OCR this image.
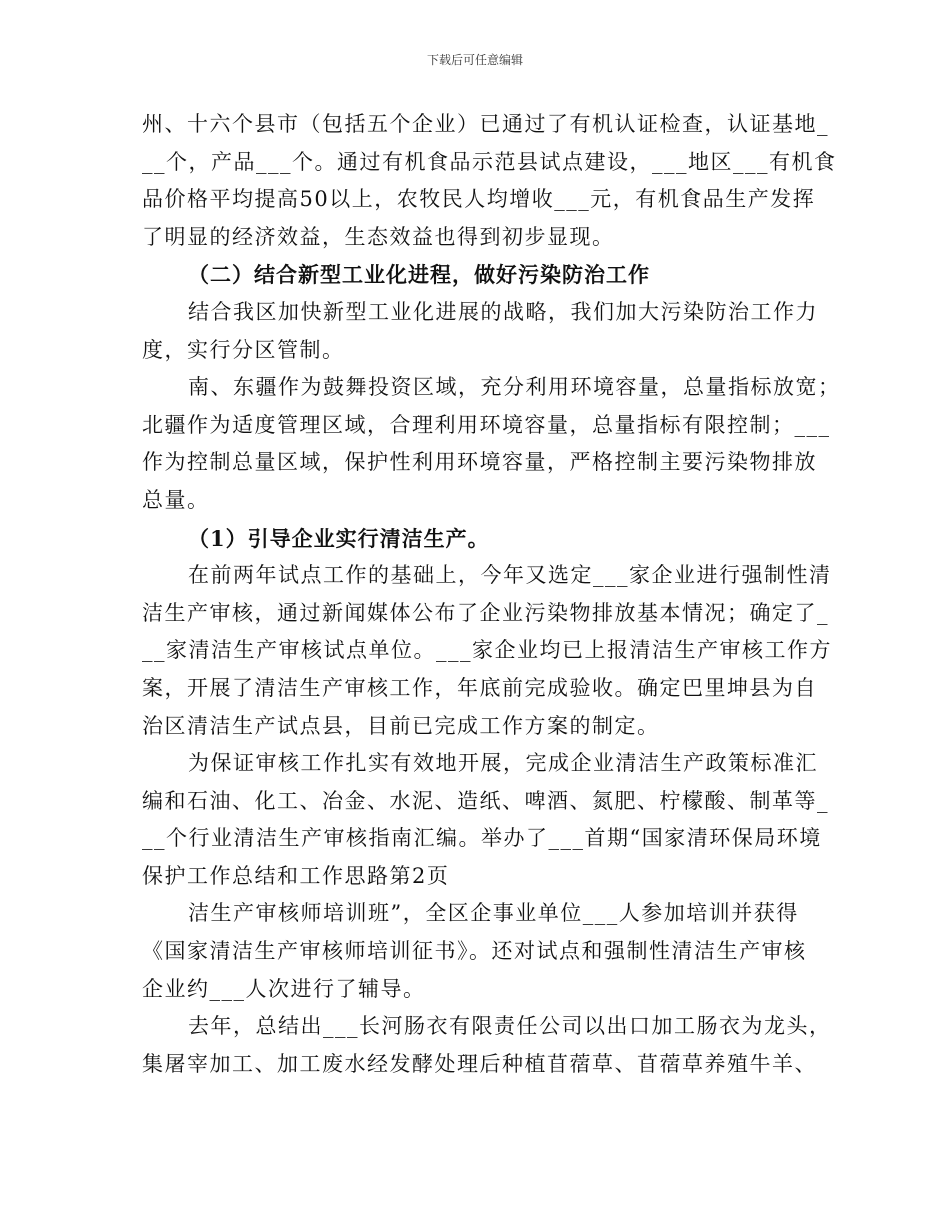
下载后可任意编辑
州、十六个县市（包括五个企业）已通过了有机认证检查，认证基地_
__个，产品___个。通过有机食品示范县试点建设，___地区___有机食
品价格平均提高50以上，农牧民人均增收___元，有机食品生产发挥
了明显的经济效益，生态效益也得到初步显现。
（二）结合新型工业化进程，做好污染防治工作
结合我区加快新型工业化进展的战略，我们加大污染防治工作力
度，实行分区管制。
南、东疆作为鼓舞投资区域，充分利用环境容量，总量指标放宽；
北疆作为适度管理区域，合理利用环境容量，总量指标有限控制；___
作为控制总量区域，保护性利用环境容量，严格控制主要污染物排放
总量。
（1）引导企业实行清洁生产。
在前两年试点工作的基础上，今年又选定___家企业进行强制性清
洁生产审核，通过新闻媒体公布了企业污染物排放基本情况；确定了_
__家清洁生产审核试点单位。___家企业均已上报清洁生产审核工作方
案，开展了清洁生产审核工作，年底前完成验收。确定巴里坤县为自
治区清洁生产试点县，目前已完成工作方案的制定。
为保证审核工作扎实有效地开展，完成企业清洁生产政策标准汇
编和石油、化工、冶金、水泥、造纸、啤酒、氮肥、柠檬酸、制革等_
__个行业清洁生产审核指南汇编。举办了___首期“国家清环保局环境
保护工作总结和工作思路第2页
洁生产审核师培训班”，全区企事业单位___人参加培训并获得
《国家清洁生产审核师培训征书》。还对试点和强制性清洁生产审核
企业约___人次进行了辅导。
去年，总结出___长河肠衣有限责任公司以出口加工肠衣为龙头，
集屠宰加工、加工废水经发酵处理后种植苜蓿草、苜蓿草养殖牛羊、
